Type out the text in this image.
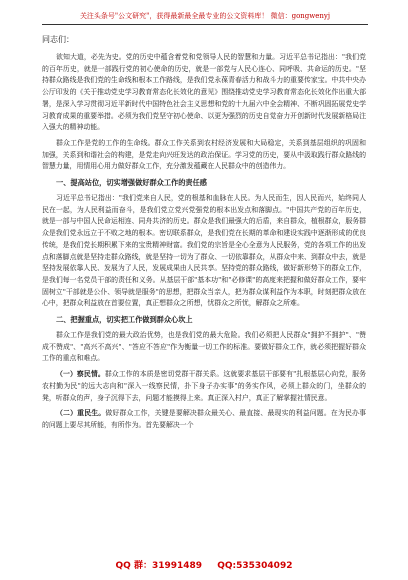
关注头条号"公文研究"，获得最新最全最专业的公文资料库！ 微信：gongwenyj
同志们：

欲知大道，必先为史。党的历史中蕴含着党和党领导人民的智慧和力量。习近平总书记指出："我们党的百年历史，就是一部践行党的初心使命的历史，就是一部党与人民心连心、同呼吸、共命运的历史。"坚持群众路线是我们党的生命线和根本工作路线，是我们党永葆青春活力和战斗力的重要传家宝。中共中央办公厅印发的《关于推动党史学习教育常态化长效化的意见》围绕推动党史学习教育常态化长效化作出重大部署，是深入学习贯彻习近平新时代中国特色社会主义思想和党的十九届六中全会精神、不断巩固拓展党史学习教育成果的重要举措。必须为我们党坚守初心使命、以更为强烈的历史自觉奋力开创新时代发展新格局注入强大的精神动能。

群众工作是党的工作的生命线。群众工作关系到农村经济发展和大局稳定，关系到基层组织的巩固和加强，关系到和谐社会的构建，是党走向兴旺发达的政治保证。学习党的历史，要从中汲取践行群众路线的智慧力量，用情用心用力做好群众工作，充分激发蕴藏在人民群众中的创造伟力。

一、提高站位，切实增强做好群众工作的责任感

习近平总书记指出："我们党来自人民，党的根基和血脉在人民。为人民而生，因人民而兴，始终同人民在一起，为人民利益而奋斗，是我们党立党兴党强党的根本出发点和落脚点。"中国共产党的百年历史，就是一部与中国人民命运相连、同舟共济的历史。群众是我们最强大的后盾，来自群众，植根群众，服务群众是我们党永远立于不败之地的根本。密切联系群众，是我们党在长期的革命和建设实践中逐渐形成的优良传统，是我们党长期积累下来的宝贵精神财富。我们党的宗旨是全心全意为人民服务，党的各项工作的出发点和落脚点就是坚持走群众路线，就是坚持一切为了群众、一切依靠群众，从群众中来、到群众中去，就是坚持发展依靠人民、发展为了人民，发展成果由人民共享。坚持党的群众路线，做好新形势下的群众工作，是我们每一名党员干部的责任和义务。从基层干部"基本功"和"必修课"的高度来把握和做好群众工作，要牢固树立"干部就是公仆、领导就是服务"的思想，把群众当亲人，把为群众谋利益作为本职，时刻把群众放在心中，把群众利益放在首要位置，真正想群众之所想，忧群众之所忧，解群众之所难。

二、把握重点，切实把工作做到群众心坎上

群众工作是我们党的最大政治优势，也是我们党的最大危险。我们必须把人民群众"拥护不拥护"、"赞成不赞成"、"高兴不高兴"、"答应不答应"作为衡量一切工作的标准。要做好群众工作，就必须把握好群众工作的重点和难点。

（一）察民情。群众工作的本质是密切党群干群关系。这就要求基层干部要有"扎根基层心向党，服务农村勤为民"的远大志向和"深入一线察民情，扑下身子办实事"的务实作风，必须上群众的门，坐群众的凳，听群众的声，身子沉得下去，问题才能摸得上来。真正深入村户，真正了解掌握社情民意。

（二）重民生。做好群众工作，关键是要解决群众最关心、最直接、最现实的利益问题。在为民办事的问题上要尽其所能，有所作为。首先要解决一个

QQ 群：31991489 QQ:535304092
